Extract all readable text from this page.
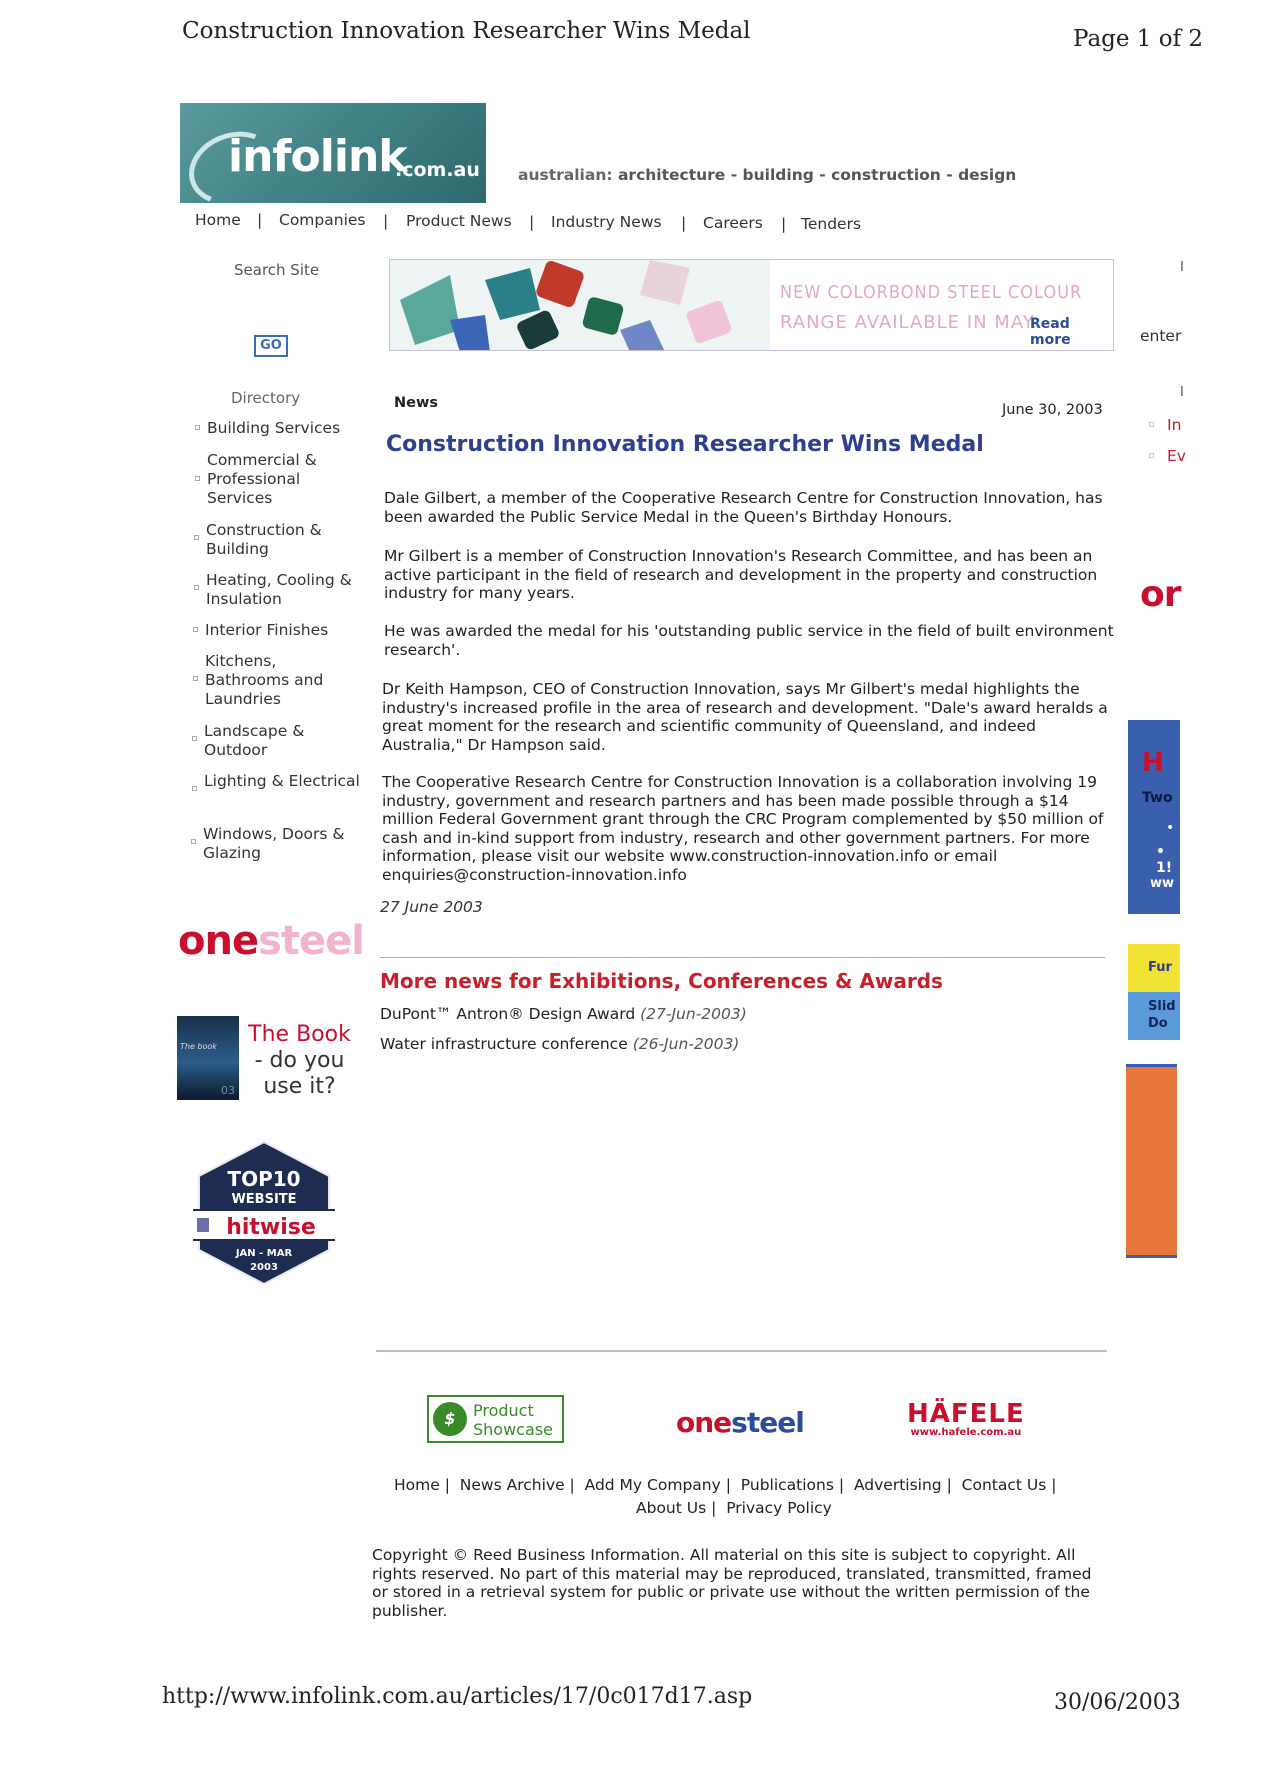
Construction Innovation Researcher Wins Medal	Page 1 of 2
infolink
.com.au australian: architecture - building - construction - design
Home | Companies | Product News | Industry News | Careers | Tenders
Search Site
GO
Directory
Building Services
Commercial & Professional Services
Construction & Building
Heating, Cooling & Insulation
Interior Finishes
Kitchens, Bathrooms and Laundries
Landscape & Outdoor
Lighting & Electrical
Windows, Doors & Glazing
onesteel
The book
03
The Book
- do you
use it?
TOP10
WEBSITE
hitwise
JAN - MAR
2003
NEW COLORBOND STEEL COLOUR
RANGE AVAILABLE IN MAY.
Read more
News	June 30, 2003
Construction Innovation Researcher Wins Medal

Dale Gilbert, a member of the Cooperative Research Centre for Construction Innovation, has been awarded the Public Service Medal in the Queen's Birthday Honours.

Mr Gilbert is a member of Construction Innovation's Research Committee, and has been an active participant in the field of research and development in the property and construction industry for many years.

He was awarded the medal for his 'outstanding public service in the field of built environment research'.

Dr Keith Hampson, CEO of Construction Innovation, says Mr Gilbert's medal highlights the industry's increased profile in the area of research and development. "Dale's award heralds a great moment for the research and scientific community of Queensland, and indeed Australia," Dr Hampson said.

The Cooperative Research Centre for Construction Innovation is a collaboration involving 19 industry, government and research partners and has been made possible through a $14 million Federal Government grant through the CRC Program complemented by $50 million of cash and in-kind support from industry, research and other government partners. For more information, please visit our website www.construction-innovation.info or email enquiries@construction-innovation.info

27 June 2003
More news for Exhibitions, Conferences & Awards
DuPont™ Antron® Design Award (27-Jun-2003)
Water infrastructure conference (26-Jun-2003)
$	Product
Showcase	onesteel	HÄFELE
www.hafele.com.au
Home |  News Archive |  Add My Company |  Publications |  Advertising |  Contact Us |
About Us |  Privacy Policy

Copyright © Reed Business Information. All material on this site is subject to copyright. All rights reserved. No part of this material may be reproduced, translated, transmitted, framed or stored in a retrieval system for public or private use without the written permission of the publisher.

I
enter
I
In
Ev
or
H
Two
•
• 1!
ww
Fur
Slid
Do
http://www.infolink.com.au/articles/17/0c017d17.asp	30/06/2003
